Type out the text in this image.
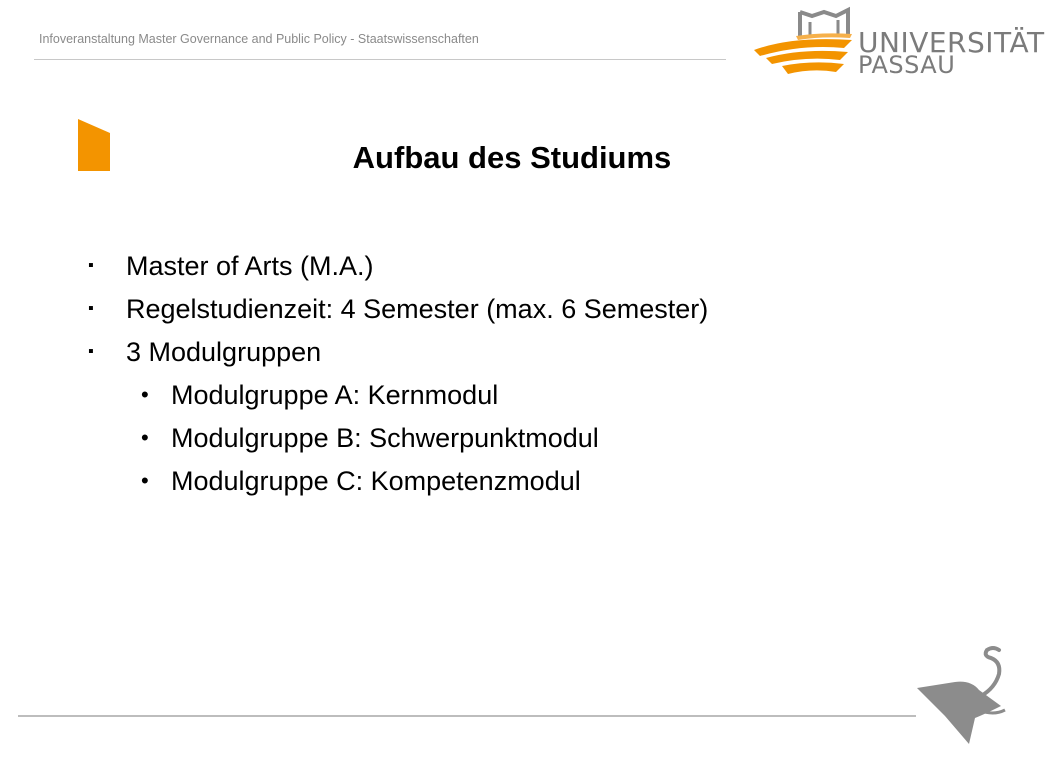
Infoveranstaltung Master Governance and Public Policy - Staatswissenschaften	UNIVERSITÄT
PASSAU
Aufbau des Studiums
▪ Master of Arts (M.A.)
▪ Regelstudienzeit: 4 Semester (max. 6 Semester)
▪ 3 Modulgruppen
• Modulgruppe A: Kernmodul
• Modulgruppe B: Schwerpunktmodul
• Modulgruppe C: Kompetenzmodul
